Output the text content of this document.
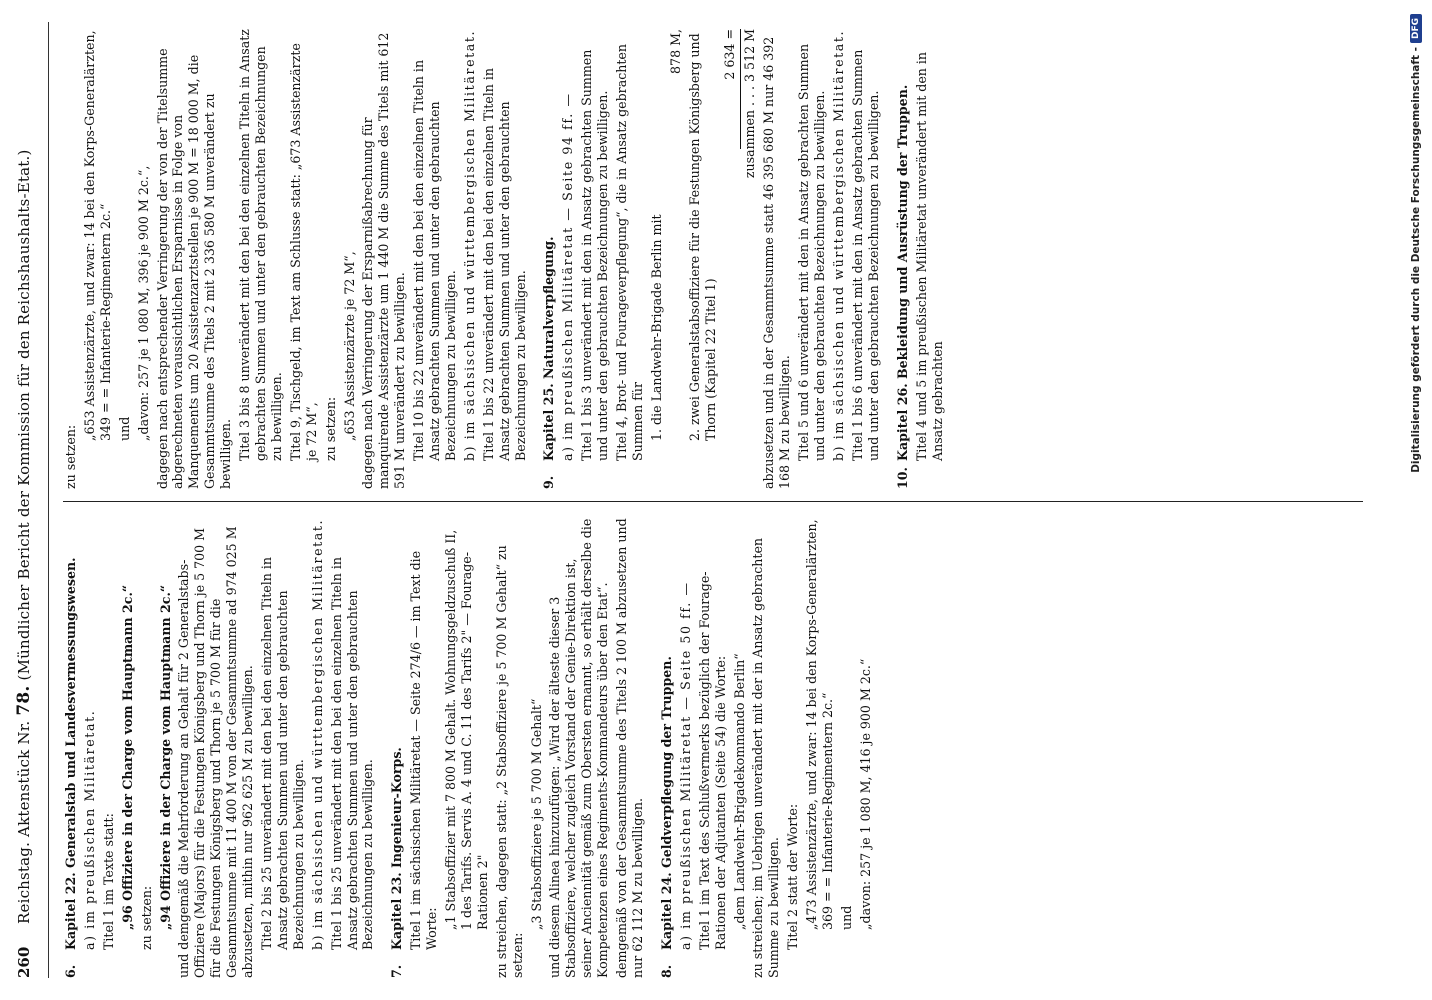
260
Reichstag. Aktenstück Nr. 78. (Mündlicher Bericht der Kommission für den Reichshaushalts-Etat.)
6.Kapitel 22. Generalstab und Landesvermessungswesen. a) im preußischen Militäretat. Titel 1 im Texte statt: „96 Offiziere in der Charge vom Hauptmann 2c.“ zu setzen: „94 Offiziere in der Charge vom Hauptmann 2c.“ und demgemäß die Mehrforderung an Gehalt für 2 Generalstabs-Offiziere (Majors) für die Festungen Königsberg und Thorn je 5 700 M für die Festungen Königsberg und Thorn je 5 700 M für die Gesammtsumme mit 11 400 M von der Gesammtsumme ad 974 025 M abzusetzen, mithin nur 962 625 M zu bewilligen. Titel 2 bis 25 unverändert mit den bei den einzelnen Titeln in Ansatz gebrachten Summen und unter den gebrauchten Bezeichnungen zu bewilligen. b) im sächsischen und württembergischen Militäretat. Titel 1 bis 25 unverändert mit den bei den einzelnen Titeln in Ansatz gebrachten Summen und unter den gebrauchten Bezeichnungen zu bewilligen.
7.Kapitel 23. Ingenieur-Korps. Titel 1 im sächsischen Militäretat — Seite 274/6 — im Text die Worte: „1 Stabsoffizier mit 7 800 M Gehalt. Wohnungsgeldzuschuß II, 1 des Tarifs. Servis A. 4 und C. 11 des Tarifs 2" — Fourage-Rationen 2" zu streichen, dagegen statt: „2 Stabsoffiziere je 5 700 M Gehalt“ zu setzen:
„3 Stabsoffiziere je 5 700 M Gehalt“ und diesem Alinea hinzuzufügen: „Wird der älteste dieser 3 Stabsoffiziere, welcher zugleich Vorstand der Genie-Direktion ist, seiner Anciennität gemäß zum Obersten ernannt, so erhält derselbe die Kompetenzen eines Regiments-Kommandeurs über den Etat“. demgemäß von der Gesammtsumme des Titels 2 100 M abzusetzen und nur 62 112 M zu bewilligen. 8.Kapitel 24. Geldverpflegung der Truppen. a) im preußischen Militäretat — Seite 50 ff. — Titel 1 im Text des Schlußvermerks bezüglich der Fourage-Rationen der Adjutanten (Seite 54) die Worte: „dem Landwehr-Brigadekommando Berlin“ zu streichen; im Uebrigen unverändert mit der in Ansatz gebrachten Summe zu bewilligen. Titel 2 statt der Worte: „473 Assistenzärzte, und zwar: 14 bei den Korps-Generalärzten, 369 = = Infanterie-Regimentern 2c.“ und „davon: 257 je 1 080 M, 416 je 900 M 2c.“
zu setzen:
„653 Assistenzärzte, und zwar: 14 bei den Korps-Generalärzten, 349 = = Infanterie-Regimentern 2c.“ und „davon: 257 je 1 080 M, 396 je 900 M 2c.“, dagegen nach entsprechender Verringerung der von der Titelsumme abgerechneten voraussichtlichen Ersparnisse in Folge von Manquements um 20 Assistenzarztstellen je 900 M = 18 000 M, die Gesammtsumme des Titels 2 mit 2 336 580 M unverändert zu bewilligen. Titel 3 bis 8 unverändert mit den bei den einzelnen Titeln in Ansatz gebrachten Summen und unter den gebrauchten Bezeichnungen zu bewilligen. Titel 9, Tischgeld, im Text am Schlusse statt: „673 Assistenzärzte je 72 M“, zu setzen: „653 Assistenzärzte je 72 M“, dagegen nach Verringerung der Ersparnißabrechnung für manquirende Assistenzärzte um 1 440 M die Summe des Titels mit 612 591 M unverändert zu bewilligen. Titel 10 bis 22 unverändert mit den bei den einzelnen Titeln in Ansatz gebrachten Summen und unter den gebrauchten Bezeichnungen zu bewilligen. b) im sächsischen und württembergischen Militäretat. Titel 1 bis 22 unverändert mit den bei den einzelnen Titeln in Ansatz gebrachten Summen und unter den gebrauchten Bezeichnungen zu bewilligen.
9.Kapitel 25. Naturalverpflegung. a) im preußischen Militäretat — Seite 94 ff. — Titel 1 bis 3 unverändert mit den in Ansatz gebrachten Summen und unter den gebrauchten Bezeichnungen zu bewilligen. Titel 4, Brot- und Fourageverpflegung“, die in Ansatz gebrachten Summen für 1. die Landwehr-Brigade Berlin mit
878 M, 2. zwei Generalstabsoffiziere für die Festungen Königsberg und Thorn (Kapitel 22 Titel 1)
2 634 = zusammen . . . 3 512 M abzusetzen und in der Gesammtsumme statt 46 395 680 M nur 46 392 168 M zu bewilligen. Titel 5 und 6 unverändert mit den in Ansatz gebrachten Summen und unter den gebrauchten Bezeichnungen zu bewilligen. b) im sächsischen und württembergischen Militäretat. Titel 1 bis 6 unverändert mit den in Ansatz gebrachten Summen und unter den gebrauchten Bezeichnungen zu bewilligen.
10.Kapitel 26. Bekleidung und Ausrüstung der Truppen. Titel 4 und 5 im preußischen Militäretat unverändert mit den in Ansatz gebrachten	Digitalisierung gefördert durch die Deutsche Forschungsgemeinschaft -
DFG
